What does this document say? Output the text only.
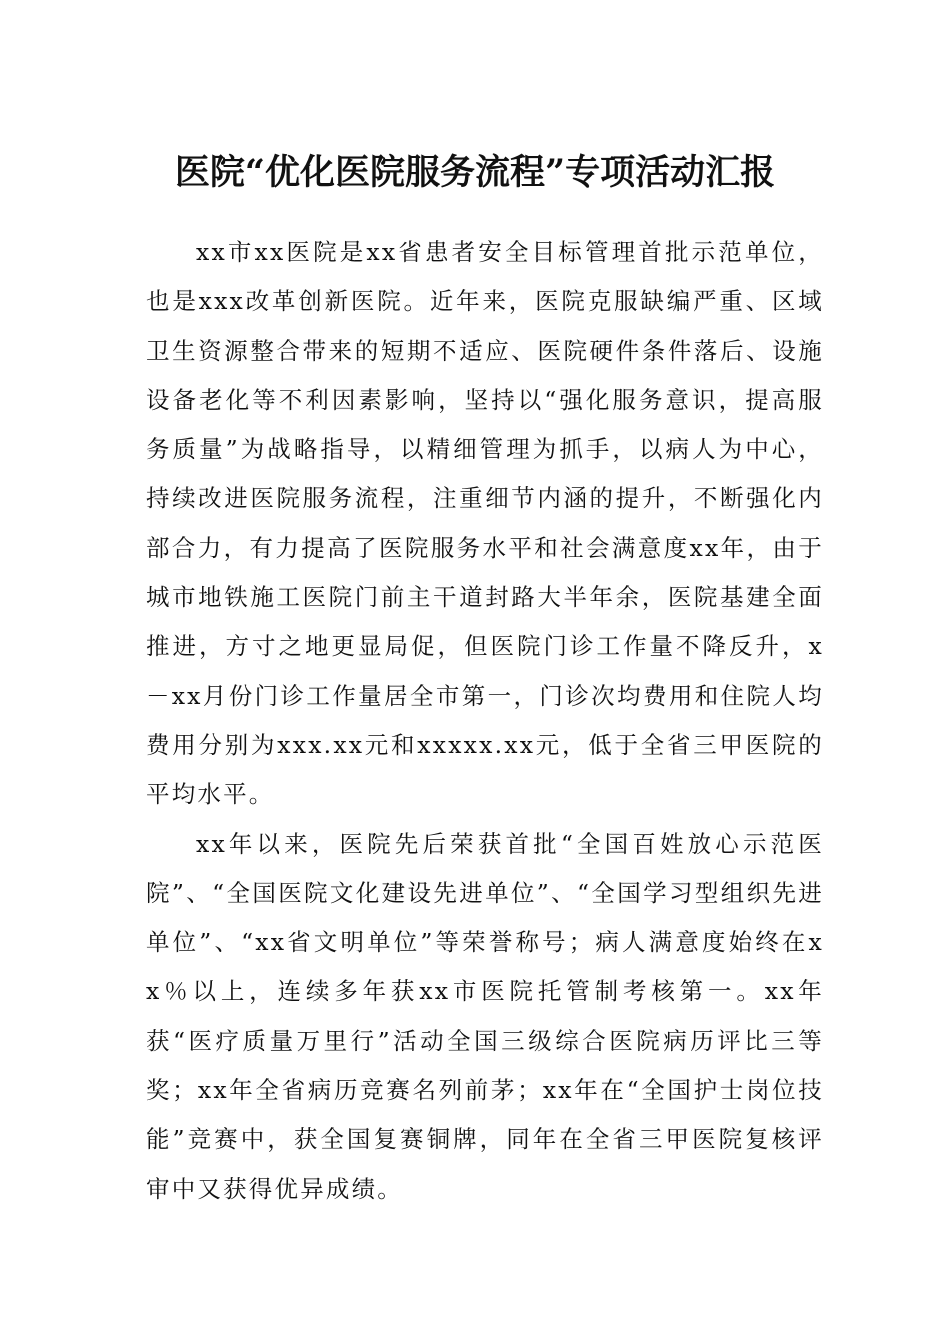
医院“优化医院服务流程”专项活动汇报

xx市xx医院是xx省患者安全目标管理首批示范单位，也是xxx改革创新医院。近年来，医院克服缺编严重、区域卫生资源整合带来的短期不适应、医院硬件条件落后、设施设备老化等不利因素影响，坚持以“强化服务意识，提高服务质量”为战略指导，以精细管理为抓手，以病人为中心，持续改进医院服务流程，注重细节内涵的提升，不断强化内部合力，有力提高了医院服务水平和社会满意度xx年，由于城市地铁施工医院门前主干道封路大半年余，医院基建全面推进，方寸之地更显局促，但医院门诊工作量不降反升，x－xx月份门诊工作量居全市第一，门诊次均费用和住院人均费用分别为xxx.xx元和xxxxx.xx元，低于全省三甲医院的平均水平。

xx年以来，医院先后荣获首批“全国百姓放心示范医院”、“全国医院文化建设先进单位”、“全国学习型组织先进单位”、“xx省文明单位”等荣誉称号；病人满意度始终在xx％以上，连续多年获xx市医院托管制考核第一。xx年获“医疗质量万里行”活动全国三级综合医院病历评比三等奖；xx年全省病历竞赛名列前茅；xx年在“全国护士岗位技能”竞赛中，获全国复赛铜牌，同年在全省三甲医院复核评审中又获得优异成绩。
